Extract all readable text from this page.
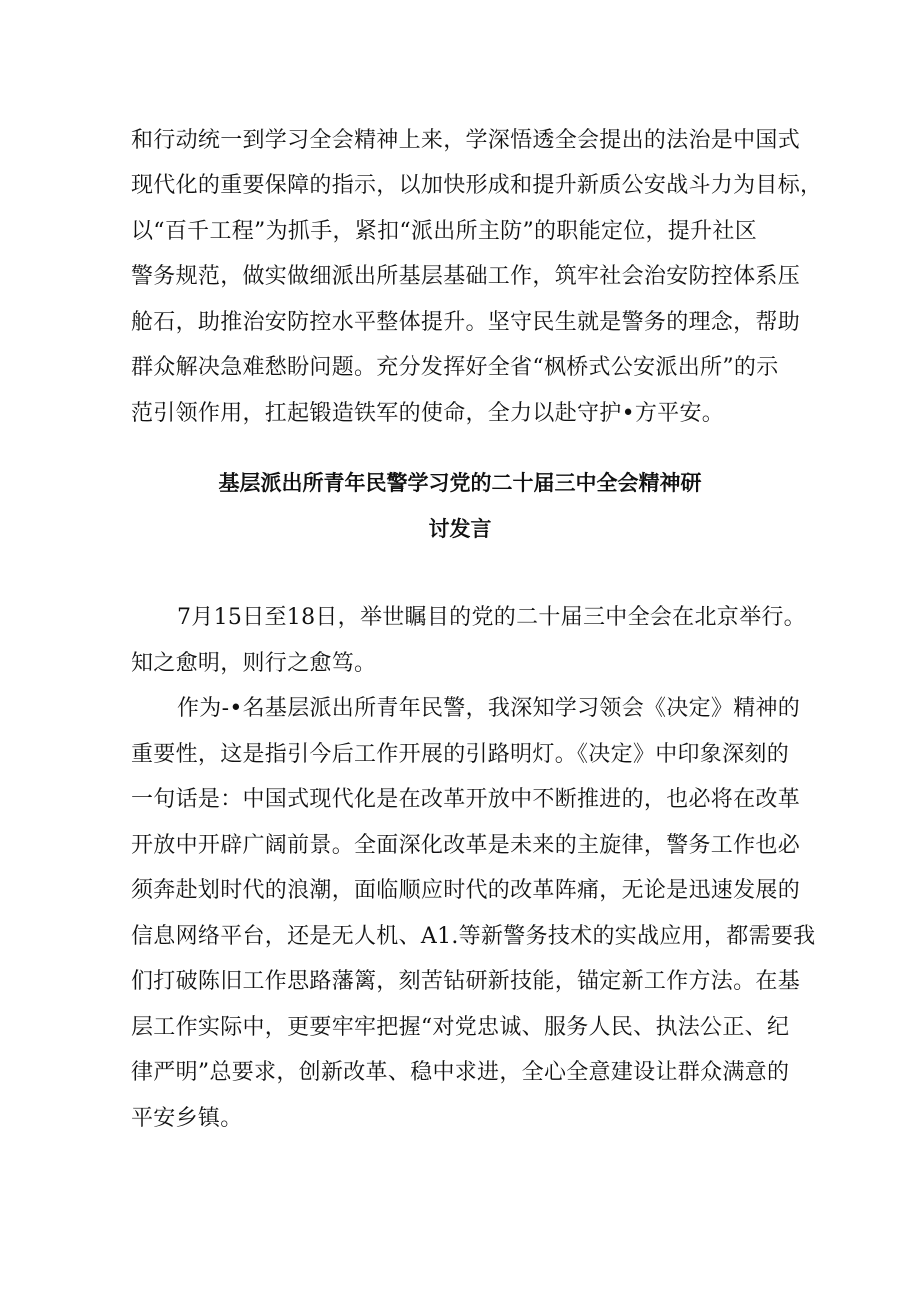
和行动统一到学习全会精神上来，学深悟透全会提出的法治是中国式
现代化的重要保障的指示，以加快形成和提升新质公安战斗力为目标，
以“百千工程”为抓手，紧扣“派出所主防”的职能定位，提升社区
警务规范，做实做细派出所基层基础工作，筑牢社会治安防控体系压
舱石，助推治安防控水平整体提升。坚守民生就是警务的理念，帮助
群众解决急难愁盼问题。充分发挥好全省“枫桥式公安派出所”的示
范引领作用，扛起锻造铁军的使命，全力以赴守护•方平安。
基层派出所青年民警学习党的二十届三中全会精神研
讨发言
7月15日至18日，举世瞩目的党的二十届三中全会在北京举行。
知之愈明，则行之愈笃。
作为-•名基层派出所青年民警，我深知学习领会《决定》精神的
重要性，这是指引今后工作开展的引路明灯。《决定》中印象深刻的
一句话是：中国式现代化是在改革开放中不断推进的，也必将在改革
开放中开辟广阔前景。全面深化改革是未来的主旋律，警务工作也必
须奔赴划时代的浪潮，面临顺应时代的改革阵痛，无论是迅速发展的
信息网络平台，还是无人机、A1.等新警务技术的实战应用，都需要我
们打破陈旧工作思路藩篱，刻苦钻研新技能，锚定新工作方法。在基
层工作实际中，更要牢牢把握“对党忠诚、服务人民、执法公正、纪
律严明”总要求，创新改革、稳中求进，全心全意建设让群众满意的
平安乡镇。
